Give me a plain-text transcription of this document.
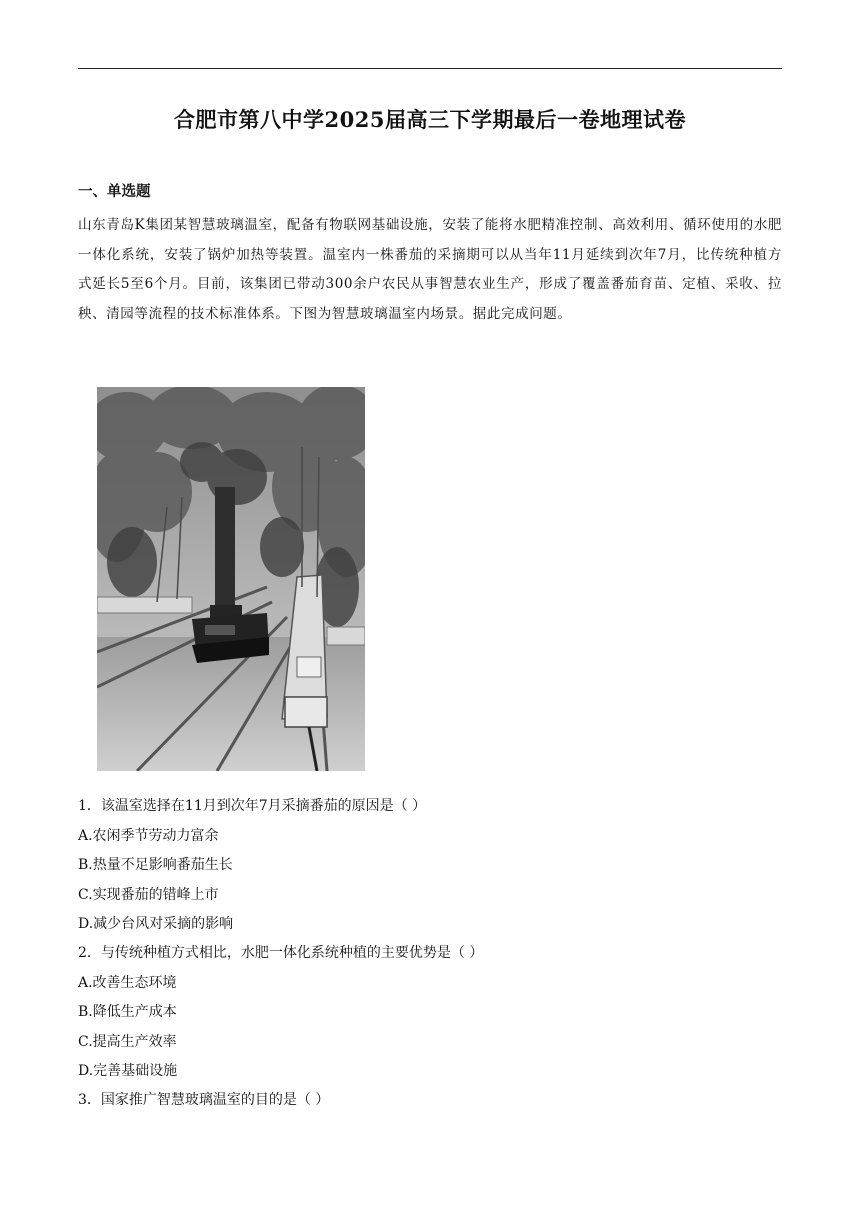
合肥市第八中学2025届高三下学期最后一卷地理试卷
一、单选题
山东青岛K集团某智慧玻璃温室，配备有物联网基础设施，安装了能将水肥精准控制、高效利用、循环使用的水肥一体化系统，安装了锅炉加热等装置。温室内一株番茄的采摘期可以从当年11月延续到次年7月，比传统种植方式延长5至6个月。目前，该集团已带动300余户农民从事智慧农业生产，形成了覆盖番茄育苗、定植、采收、拉秧、清园等流程的技术标准体系。下图为智慧玻璃温室内场景。据此完成问题。
1．该温室选择在11月到次年7月采摘番茄的原因是（ ）
A.农闲季节劳动力富余
B.热量不足影响番茄生长
C.实现番茄的错峰上市
D.减少台风对采摘的影响
2．与传统种植方式相比，水肥一体化系统种植的主要优势是（ ）
A.改善生态环境
B.降低生产成本
C.提高生产效率
D.完善基础设施
3．国家推广智慧玻璃温室的目的是（ ）
